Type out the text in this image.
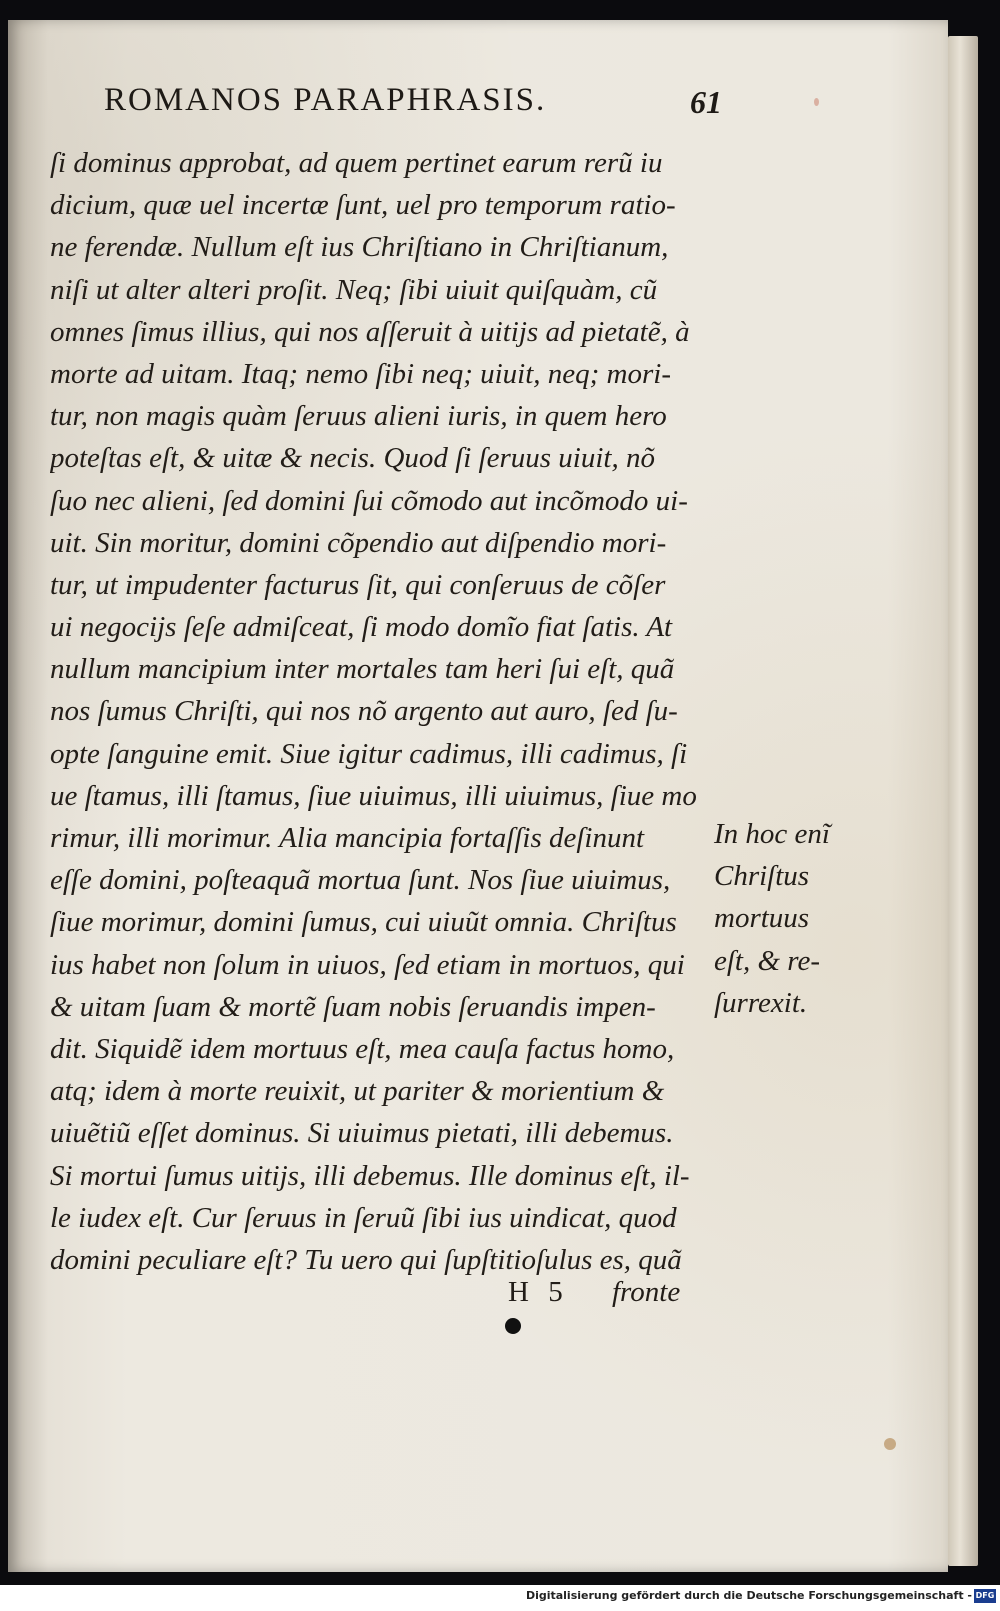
ROMANOS PARAPHRASIS.	61
ſi dominus approbat, ad quem pertinet earum rerũ iu
dicium, quæ uel incertæ ſunt, uel pro temporum ratio-
ne ferendæ. Nullum eſt ius Chriſtiano in Chriſtianum,
niſi ut alter alteri proſit. Neq; ſibi uiuit quiſquàm, cũ
omnes ſimus illius, qui nos aſſeruit à uitijs ad pietatẽ, à
morte ad uitam. Itaq; nemo ſibi neq; uiuit, neq; mori-
tur, non magis quàm ſeruus alieni iuris, in quem hero
poteſtas eſt, & uitæ & necis. Quod ſi ſeruus uiuit, nõ
ſuo nec alieni, ſed domini ſui cõmodo aut incõmodo ui-
uit. Sin moritur, domini cõpendio aut diſpendio mori-
tur, ut impudenter facturus ſit, qui conſeruus de cõſer
ui negocijs ſeſe admiſceat, ſi modo domĩo fiat ſatis. At
nullum mancipium inter mortales tam heri ſui eſt, quã
nos ſumus Chriſti, qui nos nõ argento aut auro, ſed ſu-
opte ſanguine emit. Siue igitur cadimus, illi cadimus, ſi
ue ſtamus, illi ſtamus, ſiue uiuimus, illi uiuimus, ſiue mo
rimur, illi morimur. Alia mancipia fortaſſis deſinunt
eſſe domini, poſteaquã mortua ſunt. Nos ſiue uiuimus,
ſiue morimur, domini ſumus, cui uiuũt omnia. Chriſtus
ius habet non ſolum in uiuos, ſed etiam in mortuos, qui
& uitam ſuam & mortẽ ſuam nobis ſeruandis impen-
dit. Siquidẽ idem mortuus eſt, mea cauſa factus homo,
atq; idem à morte reuixit, ut pariter & morientium &
uiuẽtiũ eſſet dominus. Si uiuimus pietati, illi debemus.
Si mortui ſumus uitijs, illi debemus. Ille dominus eſt, il-
le iudex eſt. Cur ſeruus in ſeruũ ſibi ius uindicat, quod
domini peculiare eſt? Tu uero qui ſupſtitioſulus es, quã
In hoc enĩ
Chriſtus
mortuus
eſt, & re-
ſurrexit.
H 5 fronte
Digitalisierung gefördert durch die Deutsche Forschungsgemeinschaft - DFG
